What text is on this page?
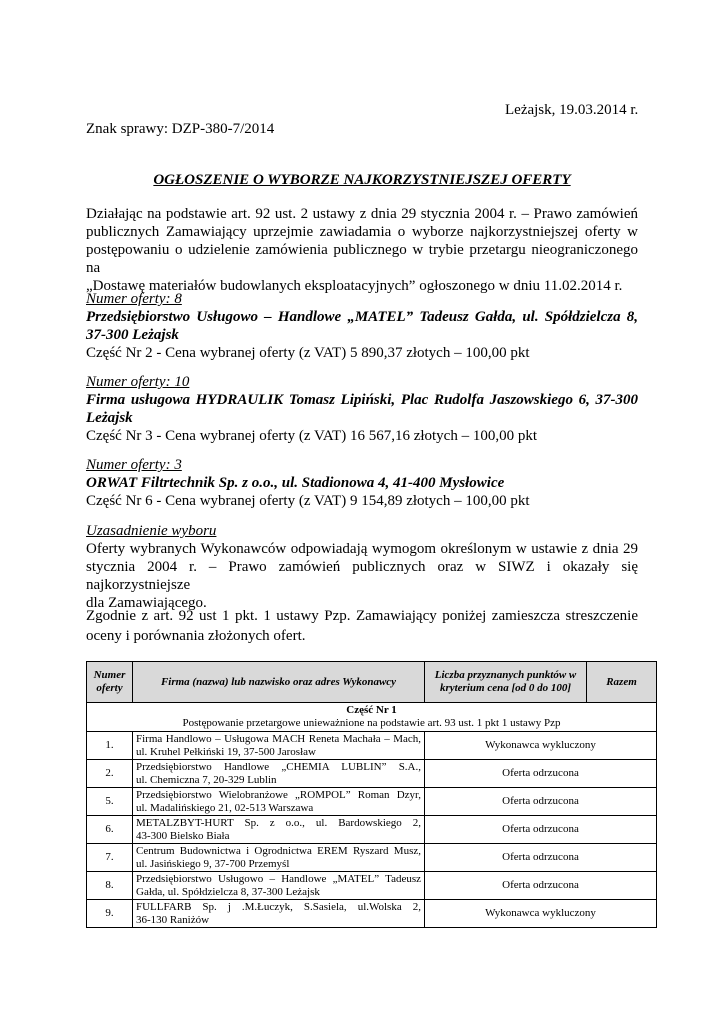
Leżajsk, 19.03.2014 r.
Znak sprawy: DZP-380-7/2014
OGŁOSZENIE O WYBORZE NAJKORZYSTNIEJSZEJ OFERTY
Działając na podstawie art. 92 ust. 2 ustawy z dnia 29 stycznia 2004 r. – Prawo zamówień
publicznych Zamawiający uprzejmie zawiadamia o wyborze najkorzystniejszej oferty w
postępowaniu o udzielenie zamówienia publicznego w trybie przetargu nieograniczonego na
„Dostawę materiałów budowlanych eksploatacyjnych” ogłoszonego w dniu 11.02.2014 r.
Numer oferty: 8
Przedsiębiorstwo Usługowo – Handlowe „MATEL” Tadeusz Gałda, ul. Spółdzielcza 8,
37-300 Leżajsk
Część Nr 2 - Cena wybranej oferty (z VAT) 5 890,37 złotych – 100,00 pkt
Numer oferty: 10
Firma usługowa HYDRAULIK Tomasz Lipiński, Plac Rudolfa Jaszowskiego 6, 37-300
Leżajsk
Część Nr 3 - Cena wybranej oferty (z VAT) 16 567,16 złotych – 100,00 pkt
Numer oferty: 3
ORWAT Filtrtechnik Sp. z o.o., ul. Stadionowa 4, 41-400 Mysłowice
Część Nr 6 - Cena wybranej oferty (z VAT) 9 154,89 złotych – 100,00 pkt
Uzasadnienie wyboru
Oferty wybranych Wykonawców odpowiadają wymogom określonym w ustawie z dnia 29
stycznia 2004 r. – Prawo zamówień publicznych oraz w SIWZ i okazały się najkorzystniejsze
dla Zamawiającego.
Zgodnie z art. 92 ust 1 pkt. 1 ustawy Pzp. Zamawiający poniżej zamieszcza streszczenie
oceny i porównania złożonych ofert.
Numer oferty	Firma (nazwa) lub nazwisko oraz adres Wykonawcy	Liczba przyznanych punktów w kryterium cena [od 0 do 100]	Razem

Część Nr 1
Postępowanie przetargowe unieważnione na podstawie art. 93 ust. 1 pkt 1 ustawy Pzp			

1.	Firma Handlowo – Usługowa MACH Reneta Machała – Mach,
ul. Kruhel Pełkiński 19, 37-500 Jarosław	Wykonawca wykluczony	
2.	Przedsiębiorstwo Handlowe „CHEMIA LUBLIN” S.A.,
ul. Chemiczna 7, 20-329 Lublin	Oferta odrzucona	
5.	Przedsiębiorstwo Wielobranżowe „ROMPOL” Roman Dzyr,
ul. Madalińskiego 21, 02-513 Warszawa	Oferta odrzucona	
6.	METALZBYT-HURT Sp. z o.o., ul. Bardowskiego 2,
43-300 Bielsko Biała	Oferta odrzucona	
7.	Centrum Budownictwa i Ogrodnictwa EREM Ryszard Musz,
ul. Jasińskiego 9, 37-700 Przemyśl	Oferta odrzucona	
8.	Przedsiębiorstwo Usługowo – Handlowe „MATEL” Tadeusz
Gałda, ul. Spółdzielcza 8, 37-300 Leżajsk	Oferta odrzucona	
9.	FULLFARB Sp. j .M.Łuczyk, S.Sasiela, ul.Wolska 2,
36-130 Raniżów	Wykonawca wykluczony	
